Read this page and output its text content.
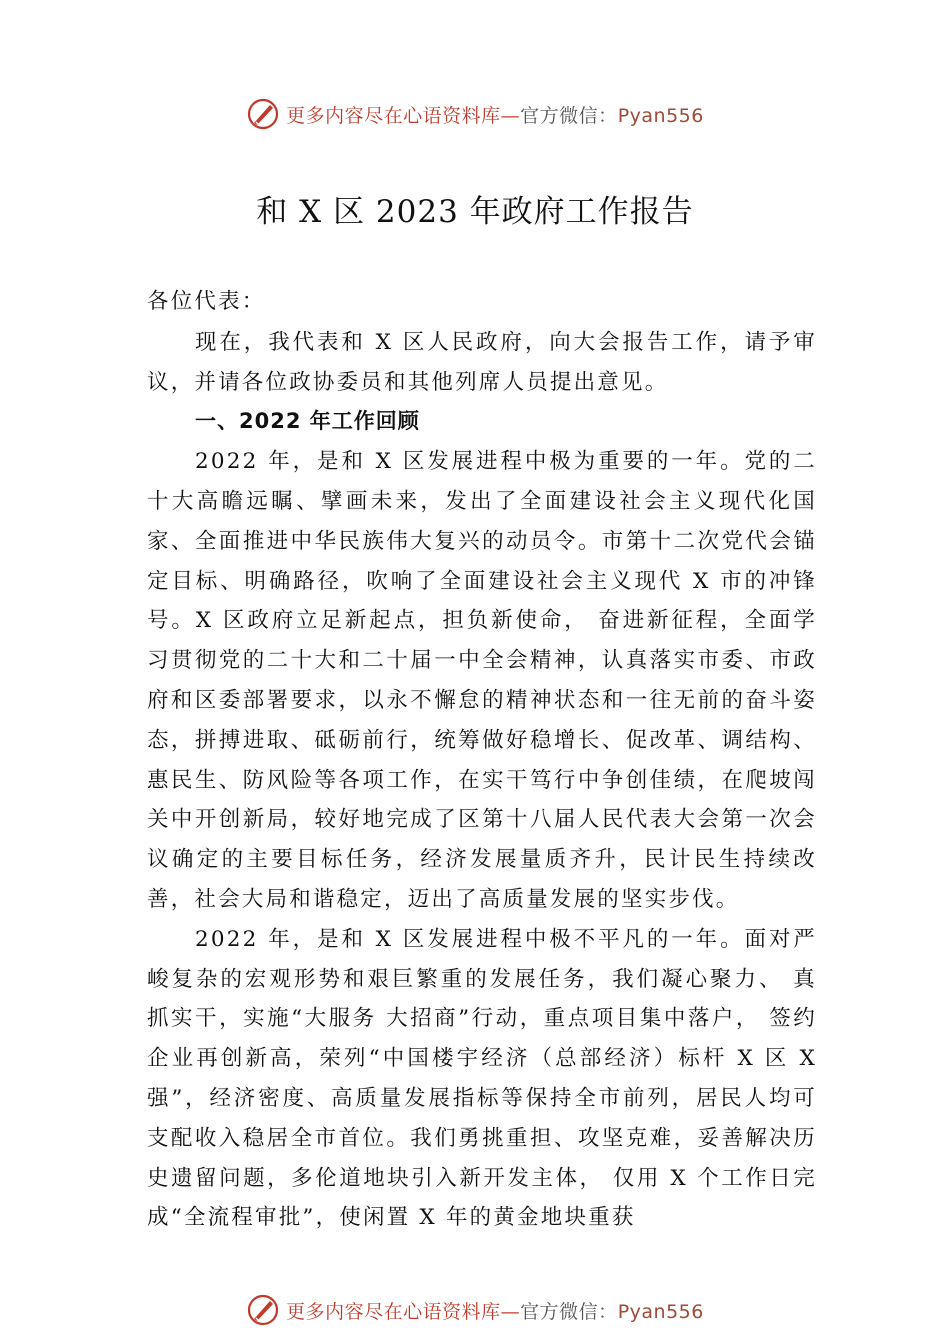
更多内容尽在心语资料库—官方微信：Pyan556
和 X 区 2023 年政府工作报告

各位代表：

现在，我代表和 X 区人民政府，向大会报告工作，请予审议，并请各位政协委员和其他列席人员提出意见。

一、2022 年工作回顾

2022 年，是和 X 区发展进程中极为重要的一年。党的二十大高瞻远瞩、擘画未来，发出了全面建设社会主义现代化国家、全面推进中华民族伟大复兴的动员令。市第十二次党代会锚定目标、明确路径，吹响了全面建设社会主义现代 X 市的冲锋号。X 区政府立足新起点，担负新使命， 奋进新征程，全面学习贯彻党的二十大和二十届一中全会精神，认真落实市委、市政府和区委部署要求，以永不懈怠的精神状态和一往无前的奋斗姿态，拼搏进取、砥砺前行，统筹做好稳增长、促改革、调结构、惠民生、防风险等各项工作，在实干笃行中争创佳绩，在爬坡闯关中开创新局，较好地完成了区第十八届人民代表大会第一次会议确定的主要目标任务，经济发展量质齐升，民计民生持续改善，社会大局和谐稳定，迈出了高质量发展的坚实步伐。

2022 年，是和 X 区发展进程中极不平凡的一年。面对严峻复杂的宏观形势和艰巨繁重的发展任务，我们凝心聚力、 真抓实干，实施“大服务 大招商”行动，重点项目集中落户， 签约企业再创新高，荣列“中国楼宇经济（总部经济）标杆 X 区 X 强”，经济密度、高质量发展指标等保持全市前列，居民人均可支配收入稳居全市首位。我们勇挑重担、攻坚克难，妥善解决历史遗留问题，多伦道地块引入新开发主体， 仅用 X 个工作日完成“全流程审批”，使闲置 X 年的黄金地块重获

更多内容尽在心语资料库—官方微信：Pyan556
